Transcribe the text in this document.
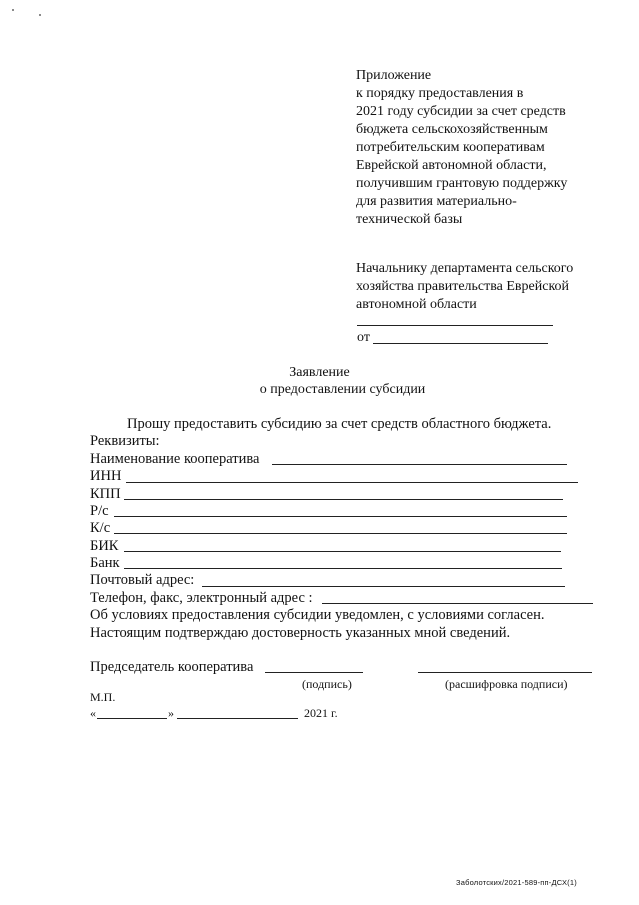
Приложение
к порядку предоставления в
2021 году субсидии за счет средств
бюджета сельскохозяйственным
потребительским кооперативам
Еврейской автономной области,
получившим грантовую поддержку
для развития материально-
технической базы
Начальнику департамента сельского
хозяйства правительства Еврейской
автономной области
от
Заявление
о предоставлении субсидии
Прошу предоставить субсидию за счет средств областного бюджета.
Реквизиты:
Наименование кооператива
ИНН
КПП
Р/с
К/с
БИК
Банк
Почтовый адрес:
Телефон, факс, электронный адрес :
Об условиях предоставления субсидии уведомлен, с условиями согласен.
Настоящим подтверждаю достоверность указанных мной сведений.
Председатель кооператива
(подпись)	(расшифровка подписи)
М.П.
«	»	2021 г.
Заболотских/2021-589-пп-ДСХ(1)
